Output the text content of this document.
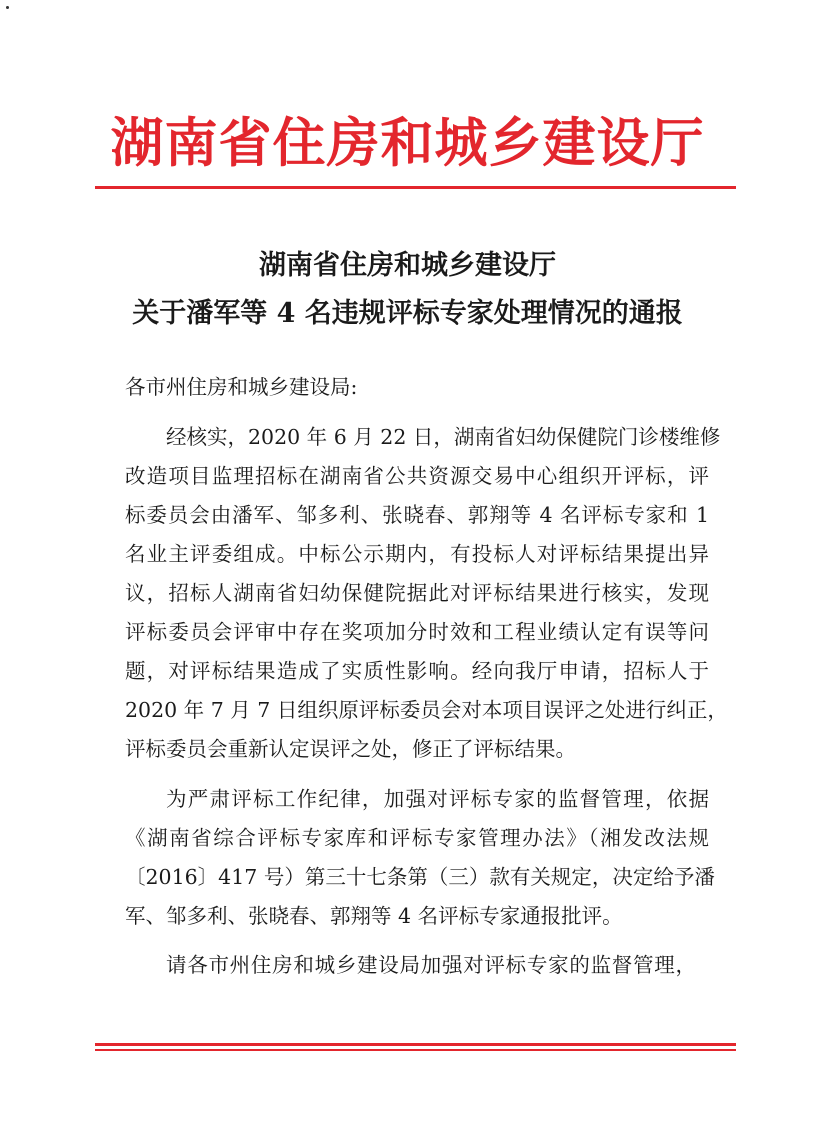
湖南省住房和城乡建设厅
湖南省住房和城乡建设厅
关于潘军等 4 名违规评标专家处理情况的通报
各市州住房和城乡建设局:
经核实，2020 年 6 月 22 日，湖南省妇幼保健院门诊楼维修
改造项目监理招标在湖南省公共资源交易中心组织开评标，评
标委员会由潘军、邹多利、张晓春、郭翔等 4 名评标专家和 1
名业主评委组成。中标公示期内，有投标人对评标结果提出异
议，招标人湖南省妇幼保健院据此对评标结果进行核实，发现
评标委员会评审中存在奖项加分时效和工程业绩认定有误等问
题，对评标结果造成了实质性影响。经向我厅申请，招标人于
2020 年 7 月 7 日组织原评标委员会对本项目误评之处进行纠正，
评标委员会重新认定误评之处，修正了评标结果。
为严肃评标工作纪律，加强对评标专家的监督管理，依据
《湖南省综合评标专家库和评标专家管理办法》（湘发改法规
〔2016〕417 号）第三十七条第（三）款有关规定，决定给予潘
军、邹多利、张晓春、郭翔等 4 名评标专家通报批评。
请各市州住房和城乡建设局加强对评标专家的监督管理，
